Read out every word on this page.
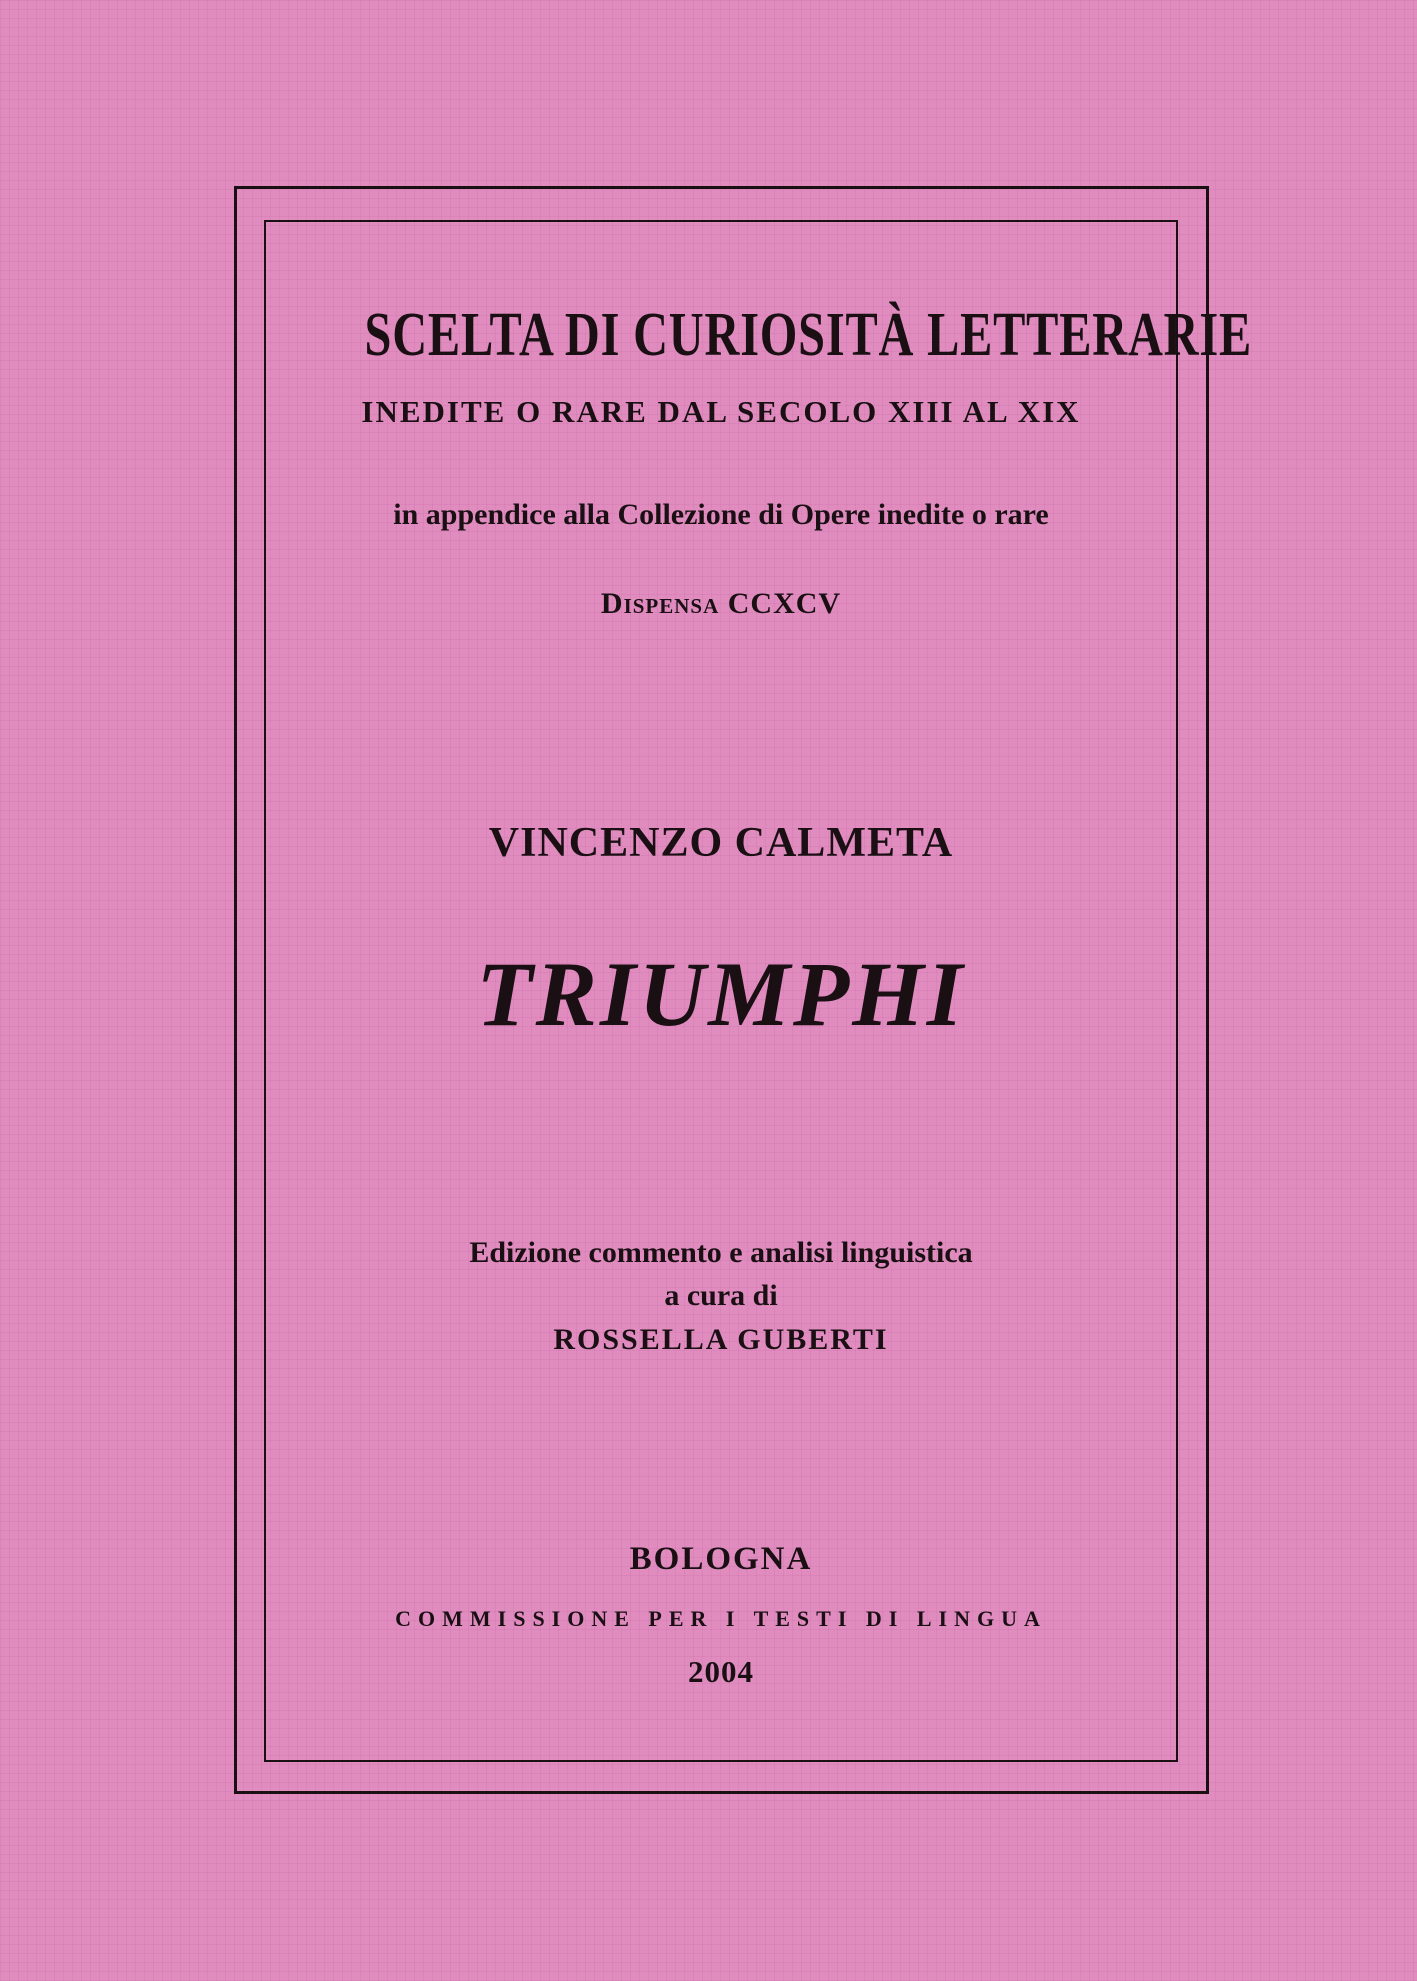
SCELTA DI CURIOSITÀ LETTERARIE
INEDITE O RARE DAL SECOLO XIII AL XIX
in appendice alla Collezione di Opere inedite o rare
Dispensa CCXCV
VINCENZO CALMETA
TRIUMPHI
Edizione commento e analisi linguistica
a cura di
ROSSELLA GUBERTI
BOLOGNA
COMMISSIONE PER I TESTI DI LINGUA
2004
